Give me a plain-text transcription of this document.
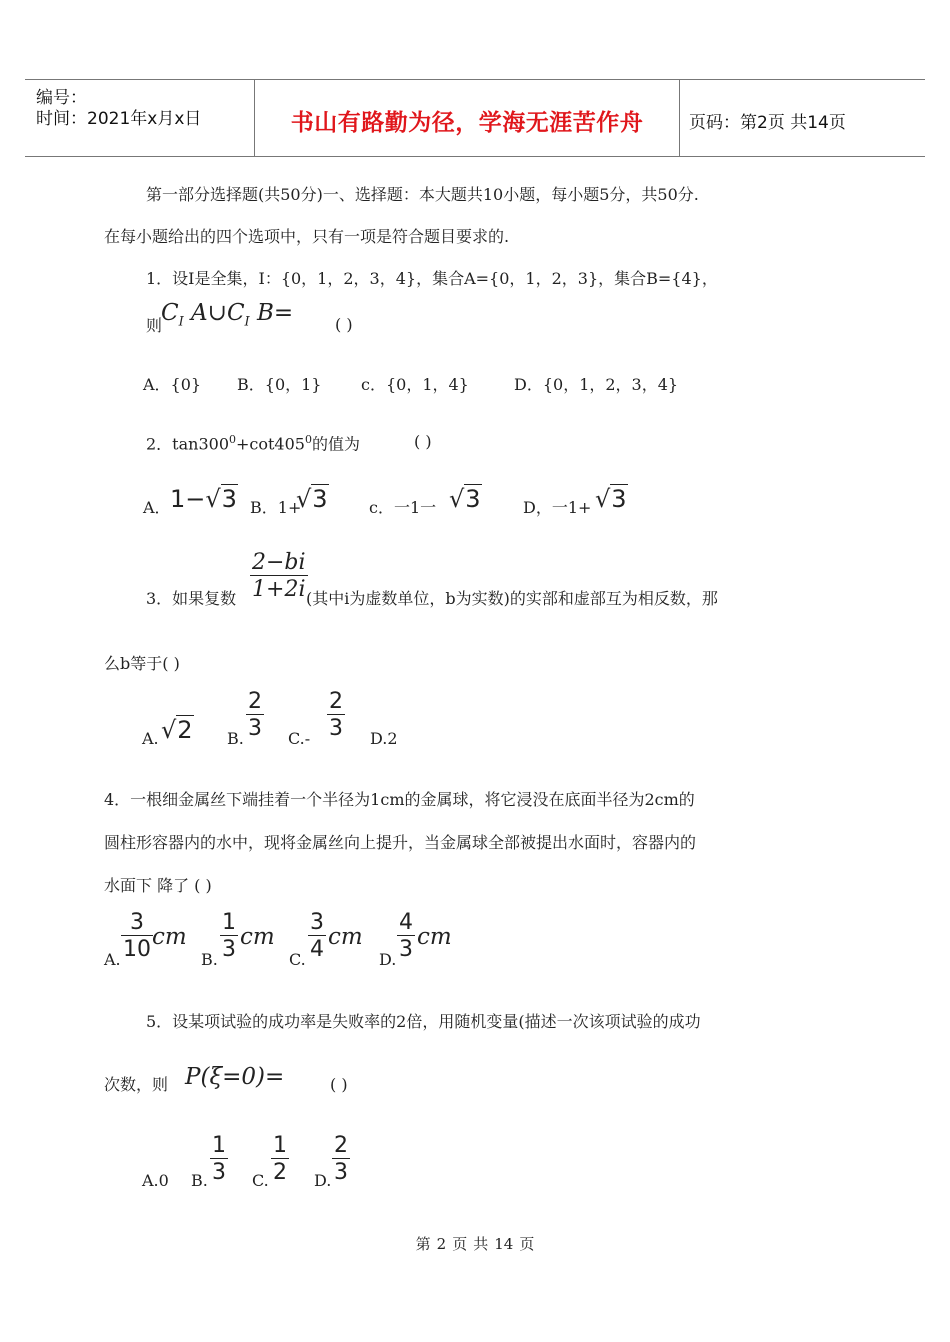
编号：
时间：2021年x月x日	书山有路勤为径，学海无涯苦作舟	页码：第2页 共14页
第一部分选择题(共50分)一、选择题：本大题共10小题，每小题5分，共50分.
在每小题给出的四个选项中，只有一项是符合题目要求的.
1．设I是全集，I：{0，1，2，3，4}，集合A={0，1，2，3}，集合B={4}，
则
$C_I$ $A\cup C_I$ B=	( )
A．{0} B．{0，1} c．{0，1，4}	D．{0，1，2，3，4}
2．$\tan 300^0+\cot 405^0$的值为	( )
A． 1−√3 B．1+
√3	c．一1一 √3	D，一1+ √3
3．如果复数
2−bi
1+2i (其中i为虚数单位，b为实数)的实部和虚部互为相反数，那
么b等于( )
A. √2 B.
2
3 C.-
2
3 D.2
4．一根细金属丝下端挂着一个半径为1cm的金属球，将它浸没在底面半径为2cm的
圆柱形容器内的水中，现将金属丝向上提升，当金属球全部被提出水面时，容器内的
水面下 降了 ( )
A.
3
10 cm
B.
1
3 cm
C.
3
4 cm
D.
4
3 cm
5．设某项试验的成功率是失败率的2倍，用随机变量(描述一次该项试验的成功
次数，则 P(ξ=0)=	( )
A.0 B.
1
3 C.
1
2 D.
2
3
第 2 页 共 14 页
